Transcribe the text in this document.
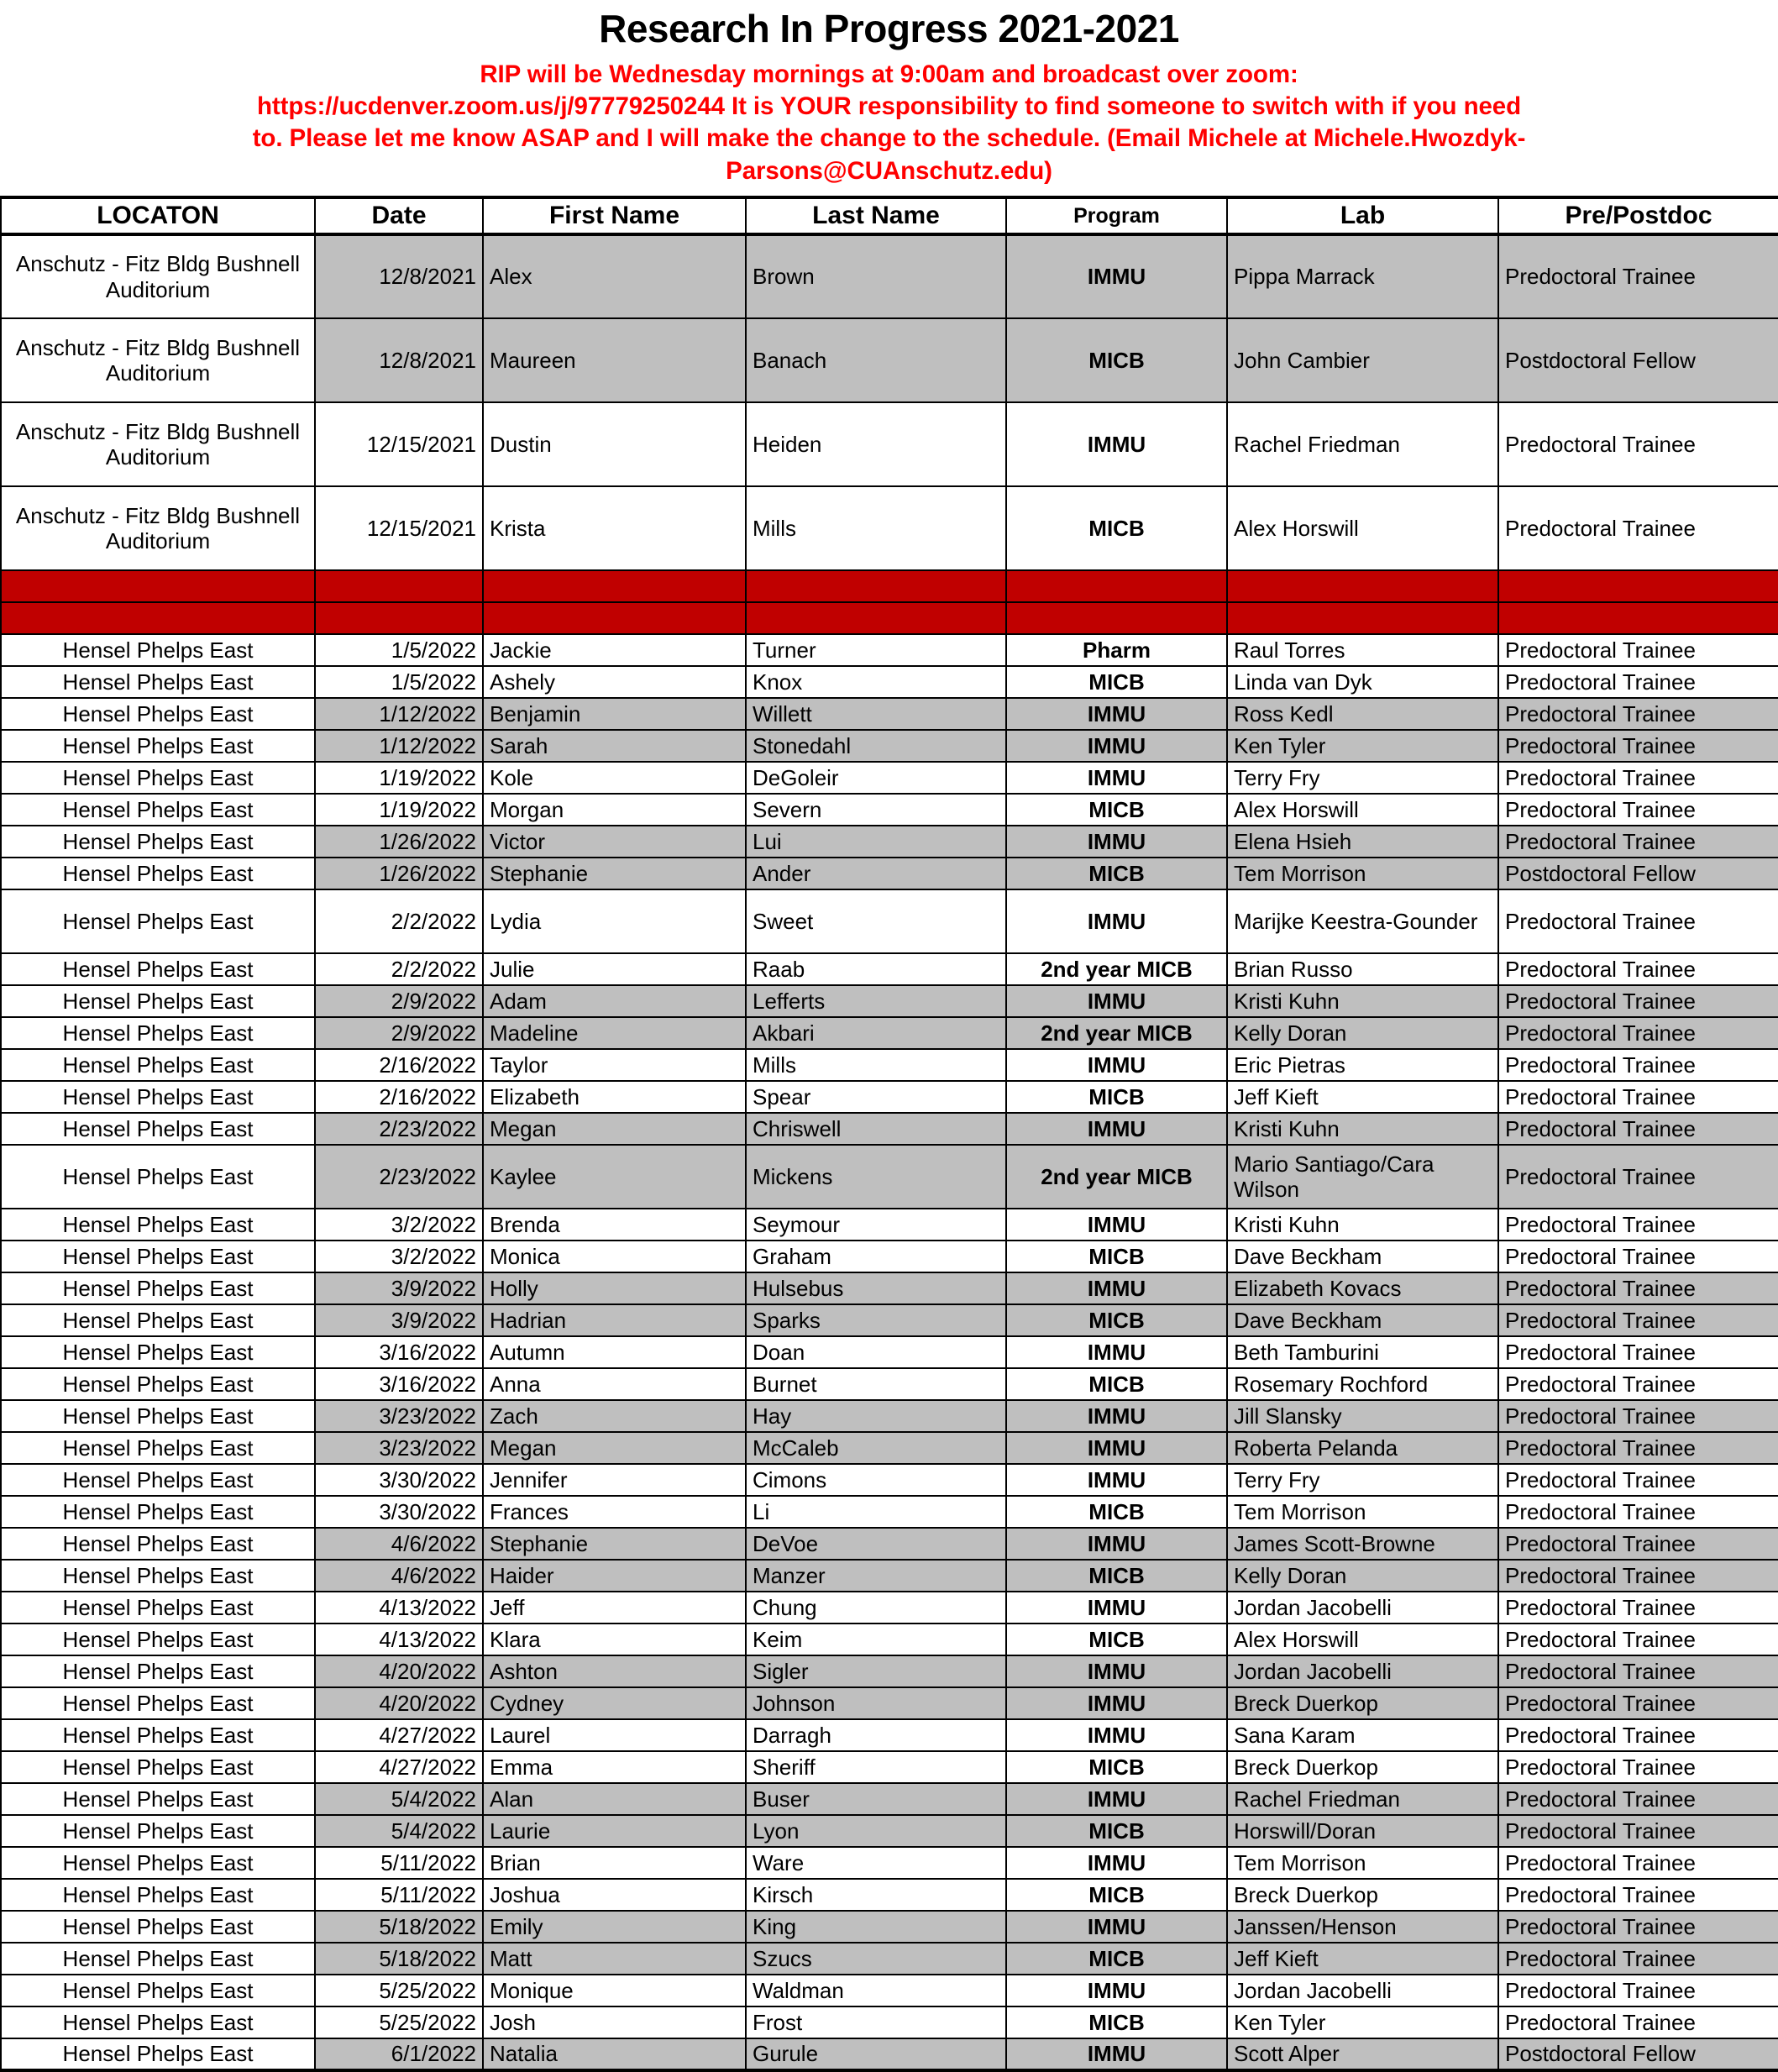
Research In Progress 2021-2021
RIP will be Wednesday mornings at 9:00am and broadcast over zoom:
https://ucdenver.zoom.us/j/97779250244 It is YOUR responsibility to find someone to switch with if you need
to. Please let me know ASAP and I will make the change to the schedule. (Email Michele at Michele.Hwozdyk-
Parsons@CUAnschutz.edu)
LOCATON	Date	First Name	Last Name	Program	Lab	Pre/Postdoc
Anschutz - Fitz Bldg Bushnell Auditorium	12/8/2021	Alex	Brown	IMMU	Pippa Marrack	Predoctoral Trainee
Anschutz - Fitz Bldg Bushnell Auditorium	12/8/2021	Maureen	Banach	MICB	John Cambier	Postdoctoral Fellow
Anschutz - Fitz Bldg Bushnell Auditorium	12/15/2021	Dustin	Heiden	IMMU	Rachel Friedman	Predoctoral Trainee
Anschutz - Fitz Bldg Bushnell Auditorium	12/15/2021	Krista	Mills	MICB	Alex Horswill	Predoctoral Trainee

Hensel Phelps East	1/5/2022	Jackie	Turner	Pharm	Raul Torres	Predoctoral Trainee
Hensel Phelps East	1/5/2022	Ashely	Knox	MICB	Linda van Dyk	Predoctoral Trainee
Hensel Phelps East	1/12/2022	Benjamin	Willett	IMMU	Ross Kedl	Predoctoral Trainee
Hensel Phelps East	1/12/2022	Sarah	Stonedahl	IMMU	Ken Tyler	Predoctoral Trainee
Hensel Phelps East	1/19/2022	Kole	DeGoleir	IMMU	Terry Fry	Predoctoral Trainee
Hensel Phelps East	1/19/2022	Morgan	Severn	MICB	Alex Horswill	Predoctoral Trainee
Hensel Phelps East	1/26/2022	Victor	Lui	IMMU	Elena Hsieh	Predoctoral Trainee
Hensel Phelps East	1/26/2022	Stephanie	Ander	MICB	Tem Morrison	Postdoctoral Fellow
Hensel Phelps East	2/2/2022	Lydia	Sweet	IMMU	Marijke Keestra-Gounder	Predoctoral Trainee
Hensel Phelps East	2/2/2022	Julie	Raab	2nd year MICB	Brian Russo	Predoctoral Trainee
Hensel Phelps East	2/9/2022	Adam	Lefferts	IMMU	Kristi Kuhn	Predoctoral Trainee
Hensel Phelps East	2/9/2022	Madeline	Akbari	2nd year MICB	Kelly Doran	Predoctoral Trainee
Hensel Phelps East	2/16/2022	Taylor	Mills	IMMU	Eric Pietras	Predoctoral Trainee
Hensel Phelps East	2/16/2022	Elizabeth	Spear	MICB	Jeff Kieft	Predoctoral Trainee
Hensel Phelps East	2/23/2022	Megan	Chriswell	IMMU	Kristi Kuhn	Predoctoral Trainee
Hensel Phelps East	2/23/2022	Kaylee	Mickens	2nd year MICB	Mario Santiago/Cara Wilson	Predoctoral Trainee
Hensel Phelps East	3/2/2022	Brenda	Seymour	IMMU	Kristi Kuhn	Predoctoral Trainee
Hensel Phelps East	3/2/2022	Monica	Graham	MICB	Dave Beckham	Predoctoral Trainee
Hensel Phelps East	3/9/2022	Holly	Hulsebus	IMMU	Elizabeth Kovacs	Predoctoral Trainee
Hensel Phelps East	3/9/2022	Hadrian	Sparks	MICB	Dave Beckham	Predoctoral Trainee
Hensel Phelps East	3/16/2022	Autumn	Doan	IMMU	Beth Tamburini	Predoctoral Trainee
Hensel Phelps East	3/16/2022	Anna	Burnet	MICB	Rosemary Rochford	Predoctoral Trainee
Hensel Phelps East	3/23/2022	Zach	Hay	IMMU	Jill Slansky	Predoctoral Trainee
Hensel Phelps East	3/23/2022	Megan	McCaleb	IMMU	Roberta Pelanda	Predoctoral Trainee
Hensel Phelps East	3/30/2022	Jennifer	Cimons	IMMU	Terry Fry	Predoctoral Trainee
Hensel Phelps East	3/30/2022	Frances	Li	MICB	Tem Morrison	Predoctoral Trainee
Hensel Phelps East	4/6/2022	Stephanie	DeVoe	IMMU	James Scott-Browne	Predoctoral Trainee
Hensel Phelps East	4/6/2022	Haider	Manzer	MICB	Kelly Doran	Predoctoral Trainee
Hensel Phelps East	4/13/2022	Jeff	Chung	IMMU	Jordan Jacobelli	Predoctoral Trainee
Hensel Phelps East	4/13/2022	Klara	Keim	MICB	Alex Horswill	Predoctoral Trainee
Hensel Phelps East	4/20/2022	Ashton	Sigler	IMMU	Jordan Jacobelli	Predoctoral Trainee
Hensel Phelps East	4/20/2022	Cydney	Johnson	IMMU	Breck Duerkop	Predoctoral Trainee
Hensel Phelps East	4/27/2022	Laurel	Darragh	IMMU	Sana Karam	Predoctoral Trainee
Hensel Phelps East	4/27/2022	Emma	Sheriff	MICB	Breck Duerkop	Predoctoral Trainee
Hensel Phelps East	5/4/2022	Alan	Buser	IMMU	Rachel Friedman	Predoctoral Trainee
Hensel Phelps East	5/4/2022	Laurie	Lyon	MICB	Horswill/Doran	Predoctoral Trainee
Hensel Phelps East	5/11/2022	Brian	Ware	IMMU	Tem Morrison	Predoctoral Trainee
Hensel Phelps East	5/11/2022	Joshua	Kirsch	MICB	Breck Duerkop	Predoctoral Trainee
Hensel Phelps East	5/18/2022	Emily	King	IMMU	Janssen/Henson	Predoctoral Trainee
Hensel Phelps East	5/18/2022	Matt	Szucs	MICB	Jeff Kieft	Predoctoral Trainee
Hensel Phelps East	5/25/2022	Monique	Waldman	IMMU	Jordan Jacobelli	Predoctoral Trainee
Hensel Phelps East	5/25/2022	Josh	Frost	MICB	Ken Tyler	Predoctoral Trainee
Hensel Phelps East	6/1/2022	Natalia	Gurule	IMMU	Scott Alper	Postdoctoral Fellow
